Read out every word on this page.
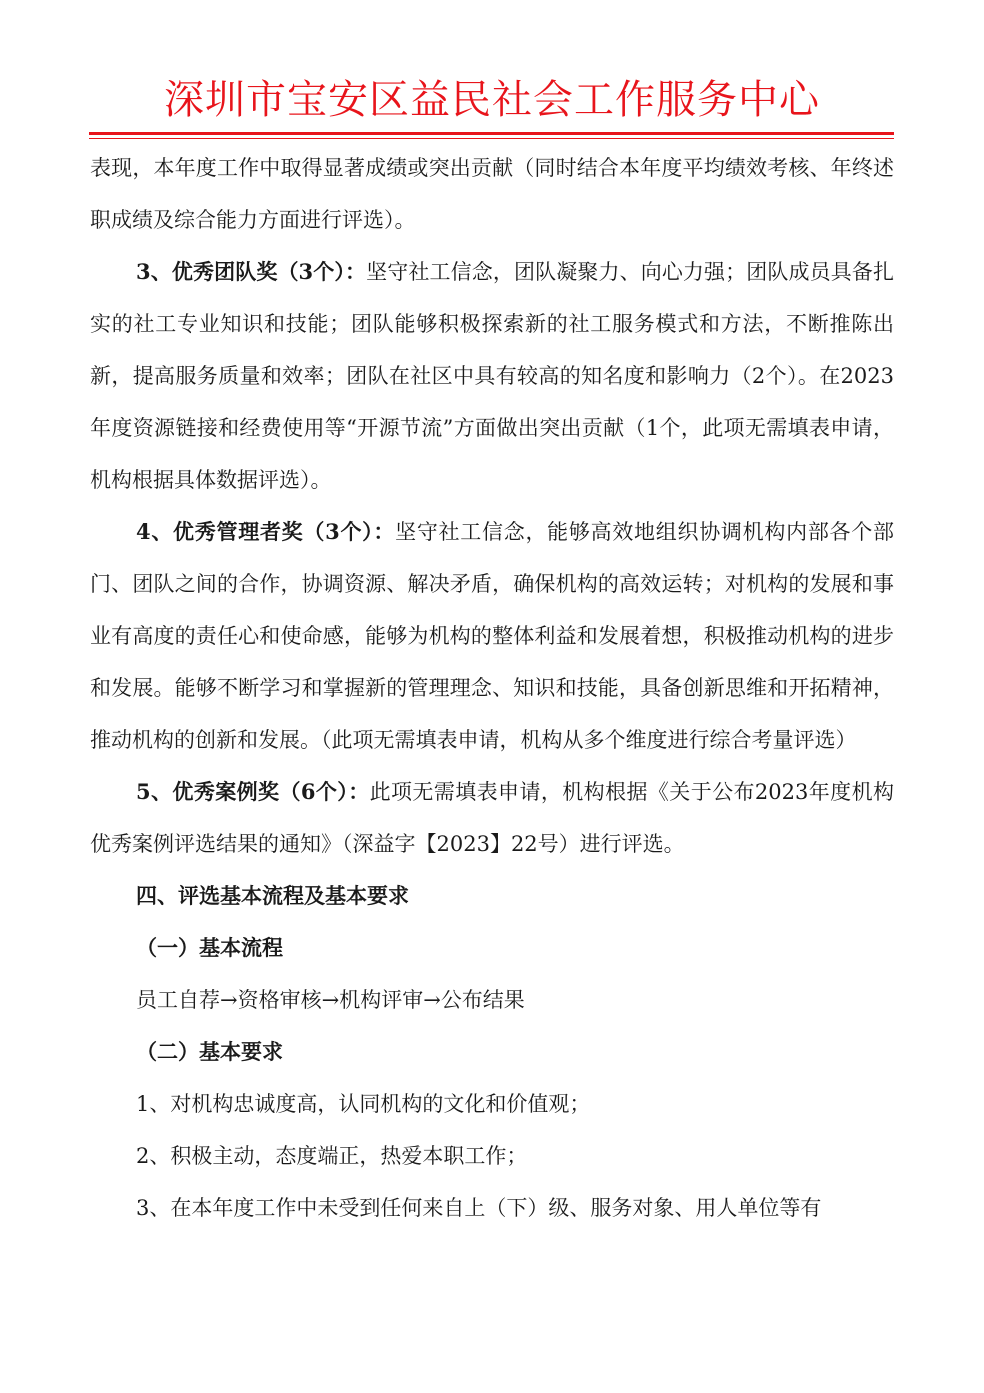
深圳市宝安区益民社会工作服务中心

表现，本年度工作中取得显著成绩或突出贡献（同时结合本年度平均绩效考核、年终述职成绩及综合能力方面进行评选）。

3、优秀团队奖（3个）：坚守社工信念，团队凝聚力、向心力强；团队成员具备扎实的社工专业知识和技能；团队能够积极探索新的社工服务模式和方法，不断推陈出新，提高服务质量和效率；团队在社区中具有较高的知名度和影响力（2个）。在2023年度资源链接和经费使用等“开源节流”方面做出突出贡献（1个，此项无需填表申请，机构根据具体数据评选）。

4、优秀管理者奖（3个）：坚守社工信念，能够高效地组织协调机构内部各个部门、团队之间的合作，协调资源、解决矛盾，确保机构的高效运转；对机构的发展和事业有高度的责任心和使命感，能够为机构的整体利益和发展着想，积极推动机构的进步和发展。能够不断学习和掌握新的管理理念、知识和技能，具备创新思维和开拓精神，推动机构的创新和发展。（此项无需填表申请，机构从多个维度进行综合考量评选）

5、优秀案例奖（6个）：此项无需填表申请，机构根据《关于公布2023年度机构优秀案例评选结果的通知》（深益字【2023】22号）进行评选。

四、评选基本流程及基本要求

（一）基本流程

员工自荐→资格审核→机构评审→公布结果

（二）基本要求

1、对机构忠诚度高，认同机构的文化和价值观；

2、积极主动，态度端正，热爱本职工作；

3、在本年度工作中未受到任何来自上（下）级、服务对象、用人单位等有
